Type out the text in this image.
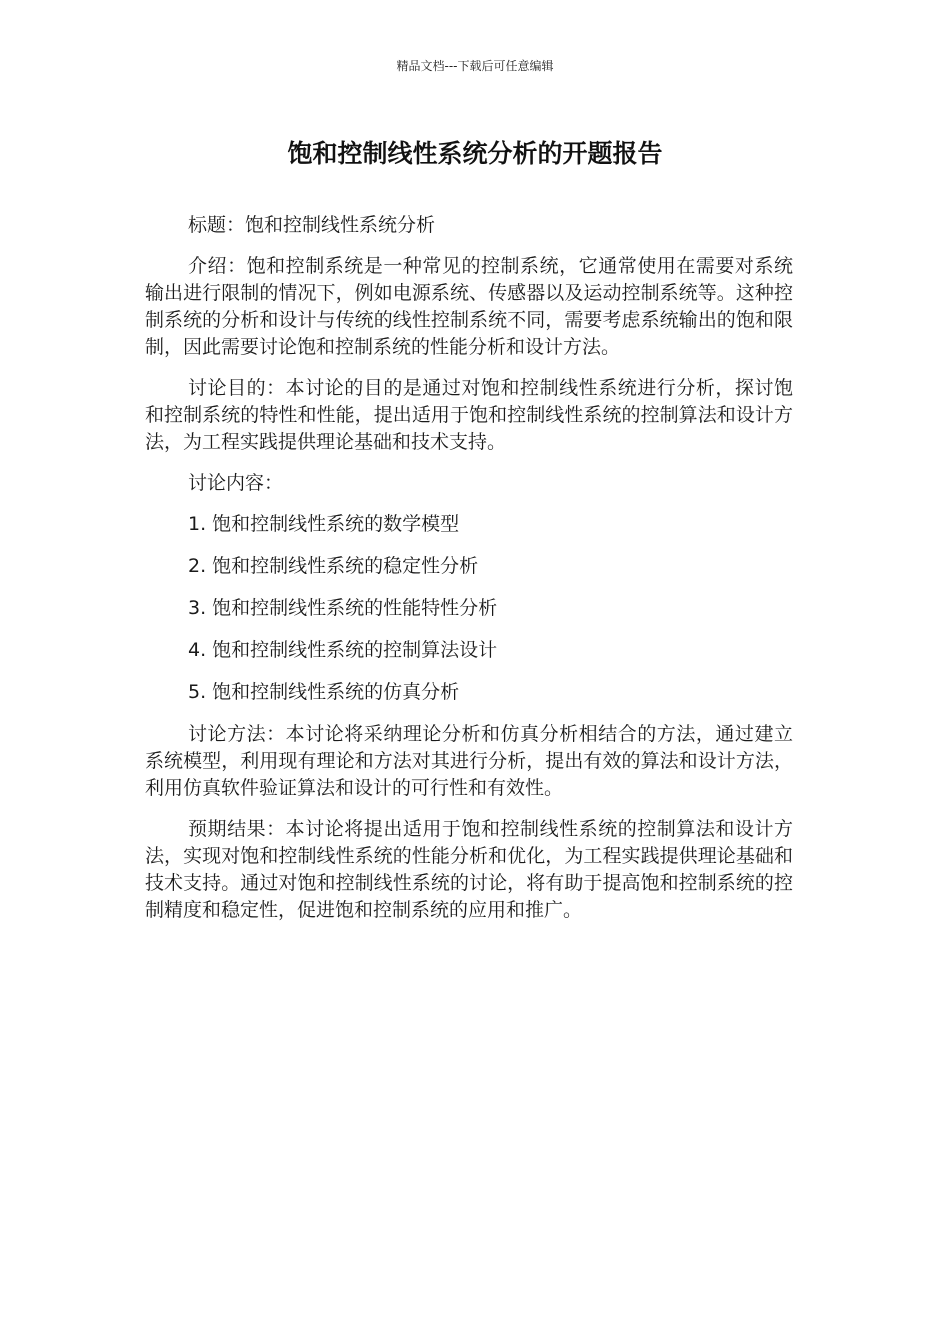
精品文档---下载后可任意编辑
饱和控制线性系统分析的开题报告

标题：饱和控制线性系统分析

介绍：饱和控制系统是一种常见的控制系统，它通常使用在需要对系统输出进行限制的情况下，例如电源系统、传感器以及运动控制系统等。这种控制系统的分析和设计与传统的线性控制系统不同，需要考虑系统输出的饱和限制，因此需要讨论饱和控制系统的性能分析和设计方法。

讨论目的：本讨论的目的是通过对饱和控制线性系统进行分析，探讨饱和控制系统的特性和性能，提出适用于饱和控制线性系统的控制算法和设计方法，为工程实践提供理论基础和技术支持。

讨论内容：

1. 饱和控制线性系统的数学模型
2. 饱和控制线性系统的稳定性分析
3. 饱和控制线性系统的性能特性分析
4. 饱和控制线性系统的控制算法设计
5. 饱和控制线性系统的仿真分析

讨论方法：本讨论将采纳理论分析和仿真分析相结合的方法，通过建立系统模型，利用现有理论和方法对其进行分析，提出有效的算法和设计方法，利用仿真软件验证算法和设计的可行性和有效性。

预期结果：本讨论将提出适用于饱和控制线性系统的控制算法和设计方法，实现对饱和控制线性系统的性能分析和优化，为工程实践提供理论基础和技术支持。通过对饱和控制线性系统的讨论，将有助于提高饱和控制系统的控制精度和稳定性，促进饱和控制系统的应用和推广。
